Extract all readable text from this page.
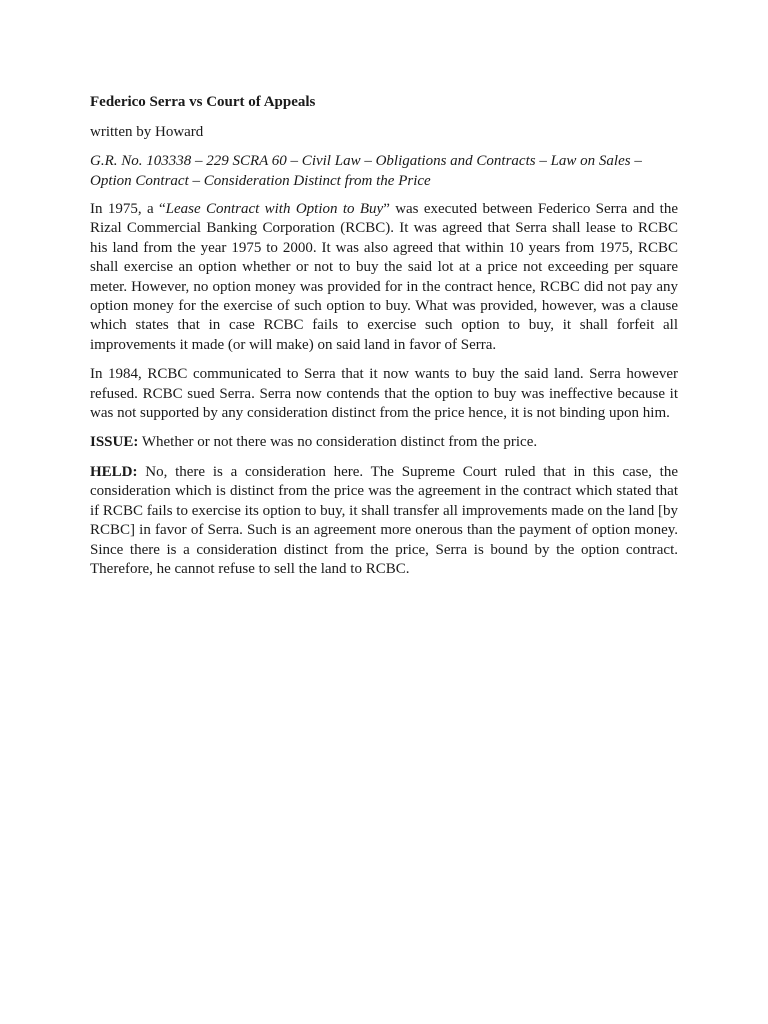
Federico Serra vs Court of Appeals
written by Howard
G.R. No. 103338 – 229 SCRA 60 – Civil Law – Obligations and Contracts – Law on Sales – Option Contract – Consideration Distinct from the Price

In 1975, a “Lease Contract with Option to Buy” was executed between Federico Serra and the Rizal Commercial Banking Corporation (RCBC). It was agreed that Serra shall lease to RCBC his land from the year 1975 to 2000. It was also agreed that within 10 years from 1975, RCBC shall exercise an option whether or not to buy the said lot at a price not exceeding per square meter. However, no option money was provided for in the contract hence, RCBC did not pay any option money for the exercise of such option to buy. What was provided, however, was a clause which states that in case RCBC fails to exercise such option to buy, it shall forfeit all improvements it made (or will make) on said land in favor of Serra.

In 1984, RCBC communicated to Serra that it now wants to buy the said land. Serra however refused. RCBC sued Serra. Serra now contends that the option to buy was ineffective because it was not supported by any consideration distinct from the price hence, it is not binding upon him.

ISSUE: Whether or not there was no consideration distinct from the price.

HELD: No, there is a consideration here. The Supreme Court ruled that in this case, the consideration which is distinct from the price was the agreement in the contract which stated that if RCBC fails to exercise its option to buy, it shall transfer all improvements made on the land [by RCBC] in favor of Serra. Such is an agreement more onerous than the payment of option money. Since there is a consideration distinct from the price, Serra is bound by the option contract. Therefore, he cannot refuse to sell the land to RCBC.
